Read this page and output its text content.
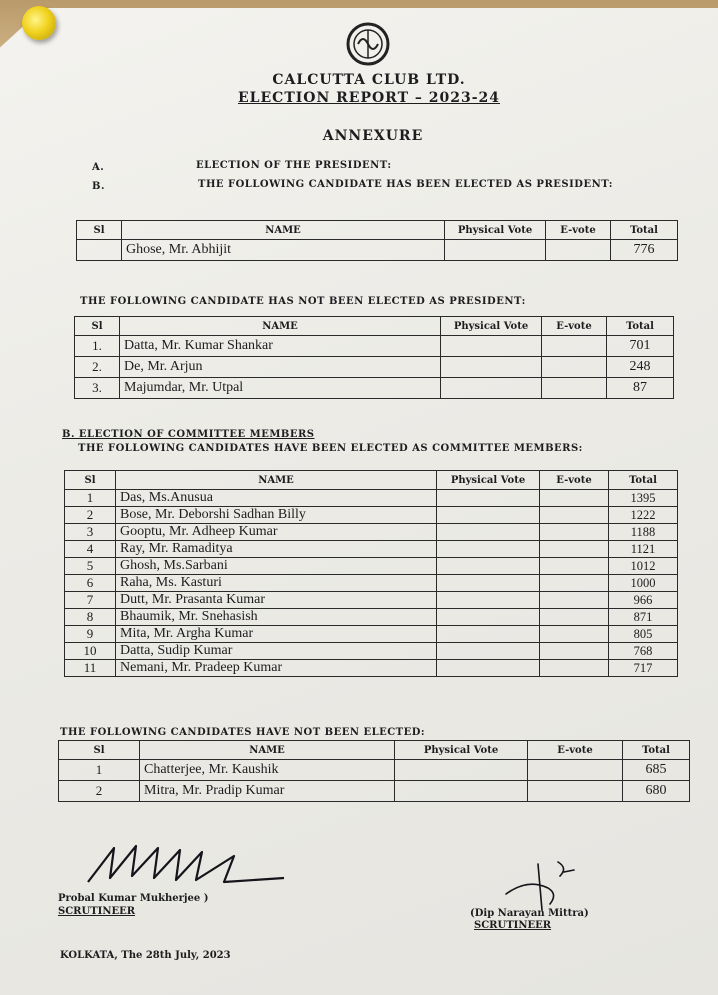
CALCUTTA CLUB LTD.
ELECTION REPORT – 2023-24
ANNEXURE
A.	ELECTION OF THE PRESIDENT:
B.	THE FOLLOWING CANDIDATE HAS BEEN ELECTED AS PRESIDENT:
Sl	NAME	Physical Vote	E-vote	Total
	Ghose, Mr. Abhijit			776
THE FOLLOWING CANDIDATE HAS NOT BEEN ELECTED AS PRESIDENT:
Sl	NAME	Physical Vote	E-vote	Total
1.	Datta, Mr. Kumar Shankar			701
2.	De, Mr. Arjun			248
3.	Majumdar, Mr. Utpal			87
B. ELECTION OF COMMITTEE MEMBERS
THE FOLLOWING CANDIDATES HAVE BEEN ELECTED AS COMMITTEE MEMBERS:
Sl	NAME	Physical Vote	E-vote	Total
1	Das, Ms.Anusua			1395
2	Bose, Mr. Deborshi Sadhan Billy			1222
3	Gooptu, Mr. Adheep Kumar			1188
4	Ray, Mr. Ramaditya			1121
5	Ghosh, Ms.Sarbani			1012
6	Raha, Ms. Kasturi			1000
7	Dutt, Mr. Prasanta Kumar			966
8	Bhaumik, Mr. Snehasish			871
9	Mita, Mr. Argha Kumar			805
10	Datta, Sudip Kumar			768
11	Nemani, Mr. Pradeep Kumar			717
THE FOLLOWING CANDIDATES HAVE NOT BEEN ELECTED:
Sl	NAME	Physical Vote	E-vote	Total
1	Chatterjee, Mr. Kaushik			685
2	Mitra, Mr. Pradip Kumar			680
Probal Kumar Mukherjee )
SCRUTINEER	(Dip Narayan Mittra)
SCRUTINEER
KOLKATA, The 28th July, 2023
